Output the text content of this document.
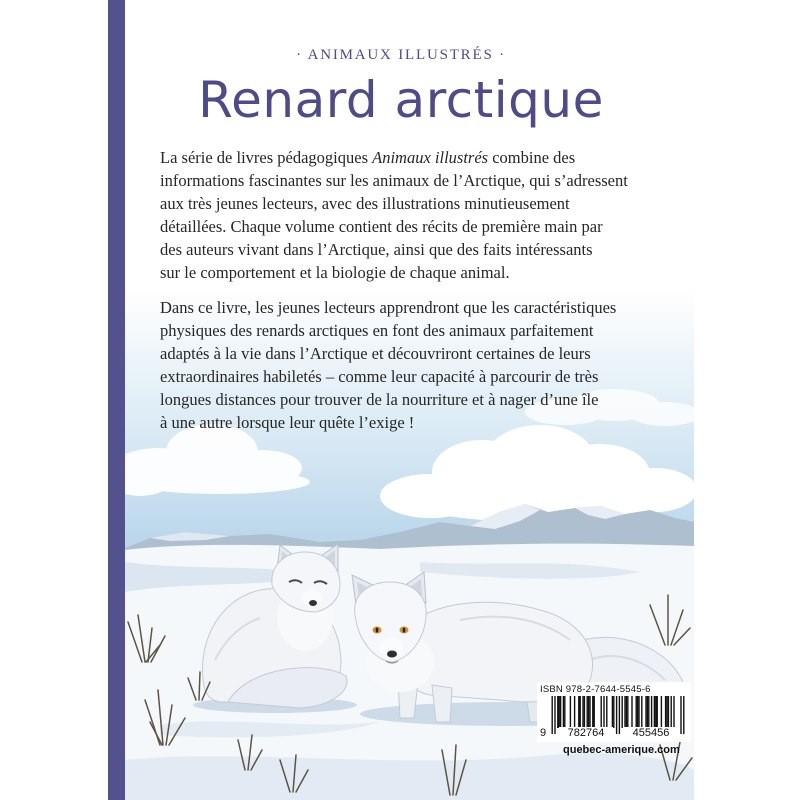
· ANIMAUX ILLUSTRÉS ·
Renard arctique
La série de livres pédagogiques Animaux illustrés combine des
informations fascinantes sur les animaux de l’Arctique, qui s’adressent
aux très jeunes lecteurs, avec des illustrations minutieusement
détaillées. Chaque volume contient des récits de première main par
des auteurs vivant dans l’Arctique, ainsi que des faits intéressants
sur le comportement et la biologie de chaque animal.
Dans ce livre, les jeunes lecteurs apprendront que les caractéristiques
physiques des renards arctiques en font des animaux parfaitement
adaptés à la vie dans l’Arctique et découvriront certaines de leurs
extraordinaires habiletés – comme leur capacité à parcourir de très
longues distances pour trouver de la nourriture et à nager d’une île
à une autre lorsque leur quête l’exige !
ISBN 978-2-7644-5545-6
9	782764	455456
quebec-amerique.com
